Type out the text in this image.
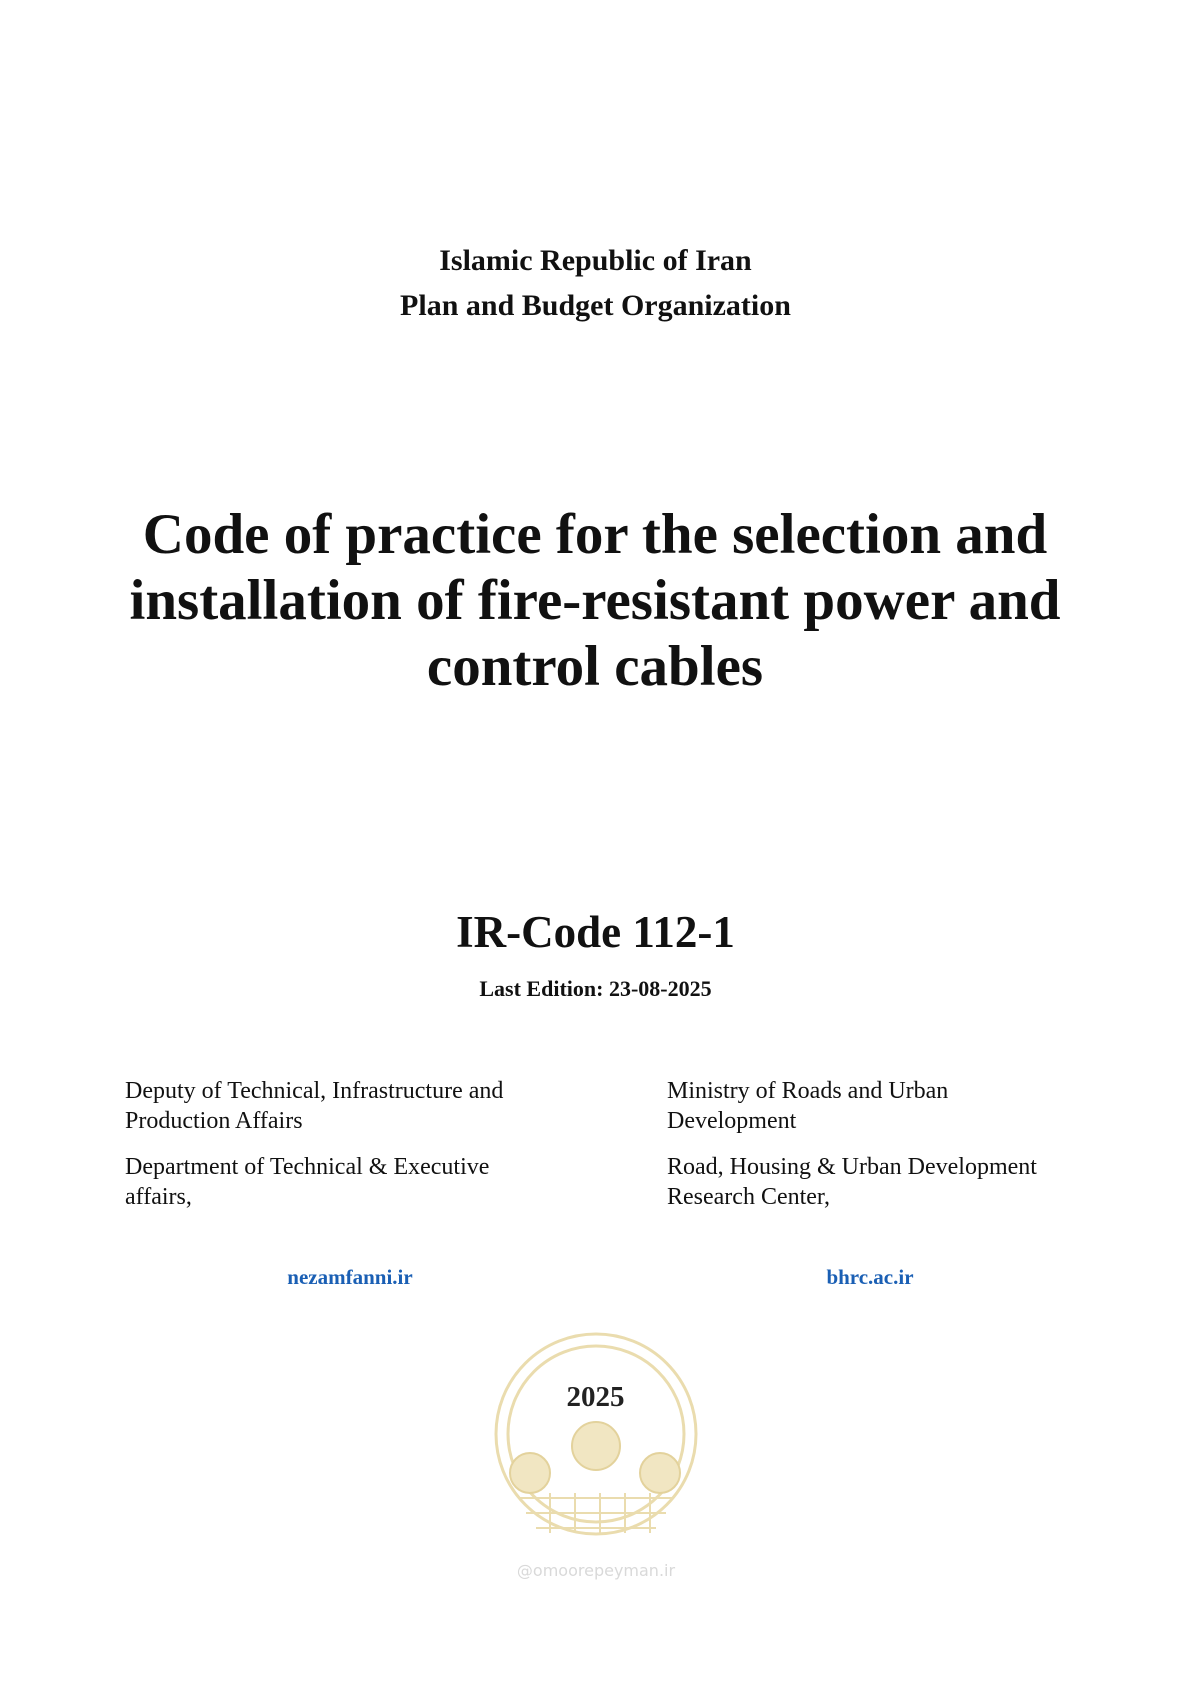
Islamic Republic of Iran
Plan and Budget Organization
Code of practice for the selection and
installation of fire-resistant power and
control cables
IR-Code 112-1
Last Edition: 23-08-2025

Deputy of Technical, Infrastructure and
Production Affairs

Department of Technical & Executive
affairs,

Ministry of Roads and Urban
Development

Road, Housing & Urban Development
Research Center,

nezamfanni.ir	bhrc.ac.ir
@omoorepeyman.ir
2025
